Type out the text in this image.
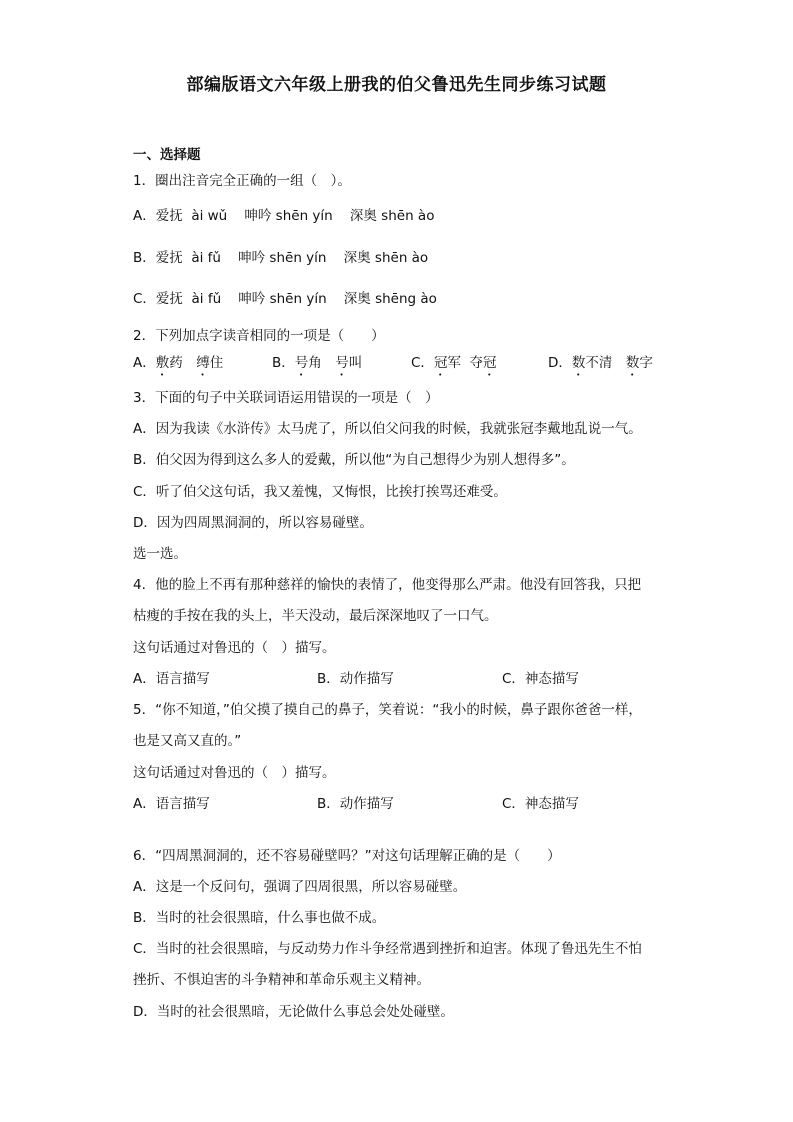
部编版语文六年级上册我的伯父鲁迅先生同步练习试题
一、选择题
1．圈出注音完全正确的一组（　）。
A．爱抚  ài wǔ    呻吟 shēn yín    深奥 shēn ào
B．爱抚  ài fǔ    呻吟 shēn yín    深奥 shēn ào
C．爱抚  ài fǔ    呻吟 shēn yín    深奥 shēng ào
2．下列加点字读音相同的一项是（　　）
A．敷药　缚住	B．号角　号叫	C．冠军  夺冠	D．数不清　数字
3．下面的句子中关联词语运用错误的一项是（　）
A．因为我读《水浒传》太马虎了，所以伯父问我的时候，我就张冠李戴地乱说一气。
B．伯父因为得到这么多人的爱戴，所以他“为自己想得少为别人想得多”。
C．听了伯父这句话，我又羞愧，又悔恨，比挨打挨骂还难受。
D．因为四周黑洞洞的，所以容易碰壁。
选一选。
4．他的脸上不再有那种慈祥的愉快的表情了，他变得那么严肃。他没有回答我，只把
枯瘦的手按在我的头上，半天没动，最后深深地叹了一口气。
这句话通过对鲁迅的（　）描写。
A．语言描写	B．动作描写	C．神态描写
5．“你不知道，”伯父摸了摸自己的鼻子，笑着说：“我小的时候，鼻子跟你爸爸一样，
也是又高又直的。”
这句话通过对鲁迅的（　）描写。
A．语言描写	B．动作描写	C．神态描写
6．“四周黑洞洞的，还不容易碰壁吗？”对这句话理解正确的是（　　）
A．这是一个反问句，强调了四周很黑，所以容易碰壁。
B．当时的社会很黑暗，什么事也做不成。
C．当时的社会很黑暗，与反动势力作斗争经常遇到挫折和迫害。体现了鲁迅先生不怕
挫折、不惧迫害的斗争精神和革命乐观主义精神。
D．当时的社会很黑暗，无论做什么事总会处处碰壁。
